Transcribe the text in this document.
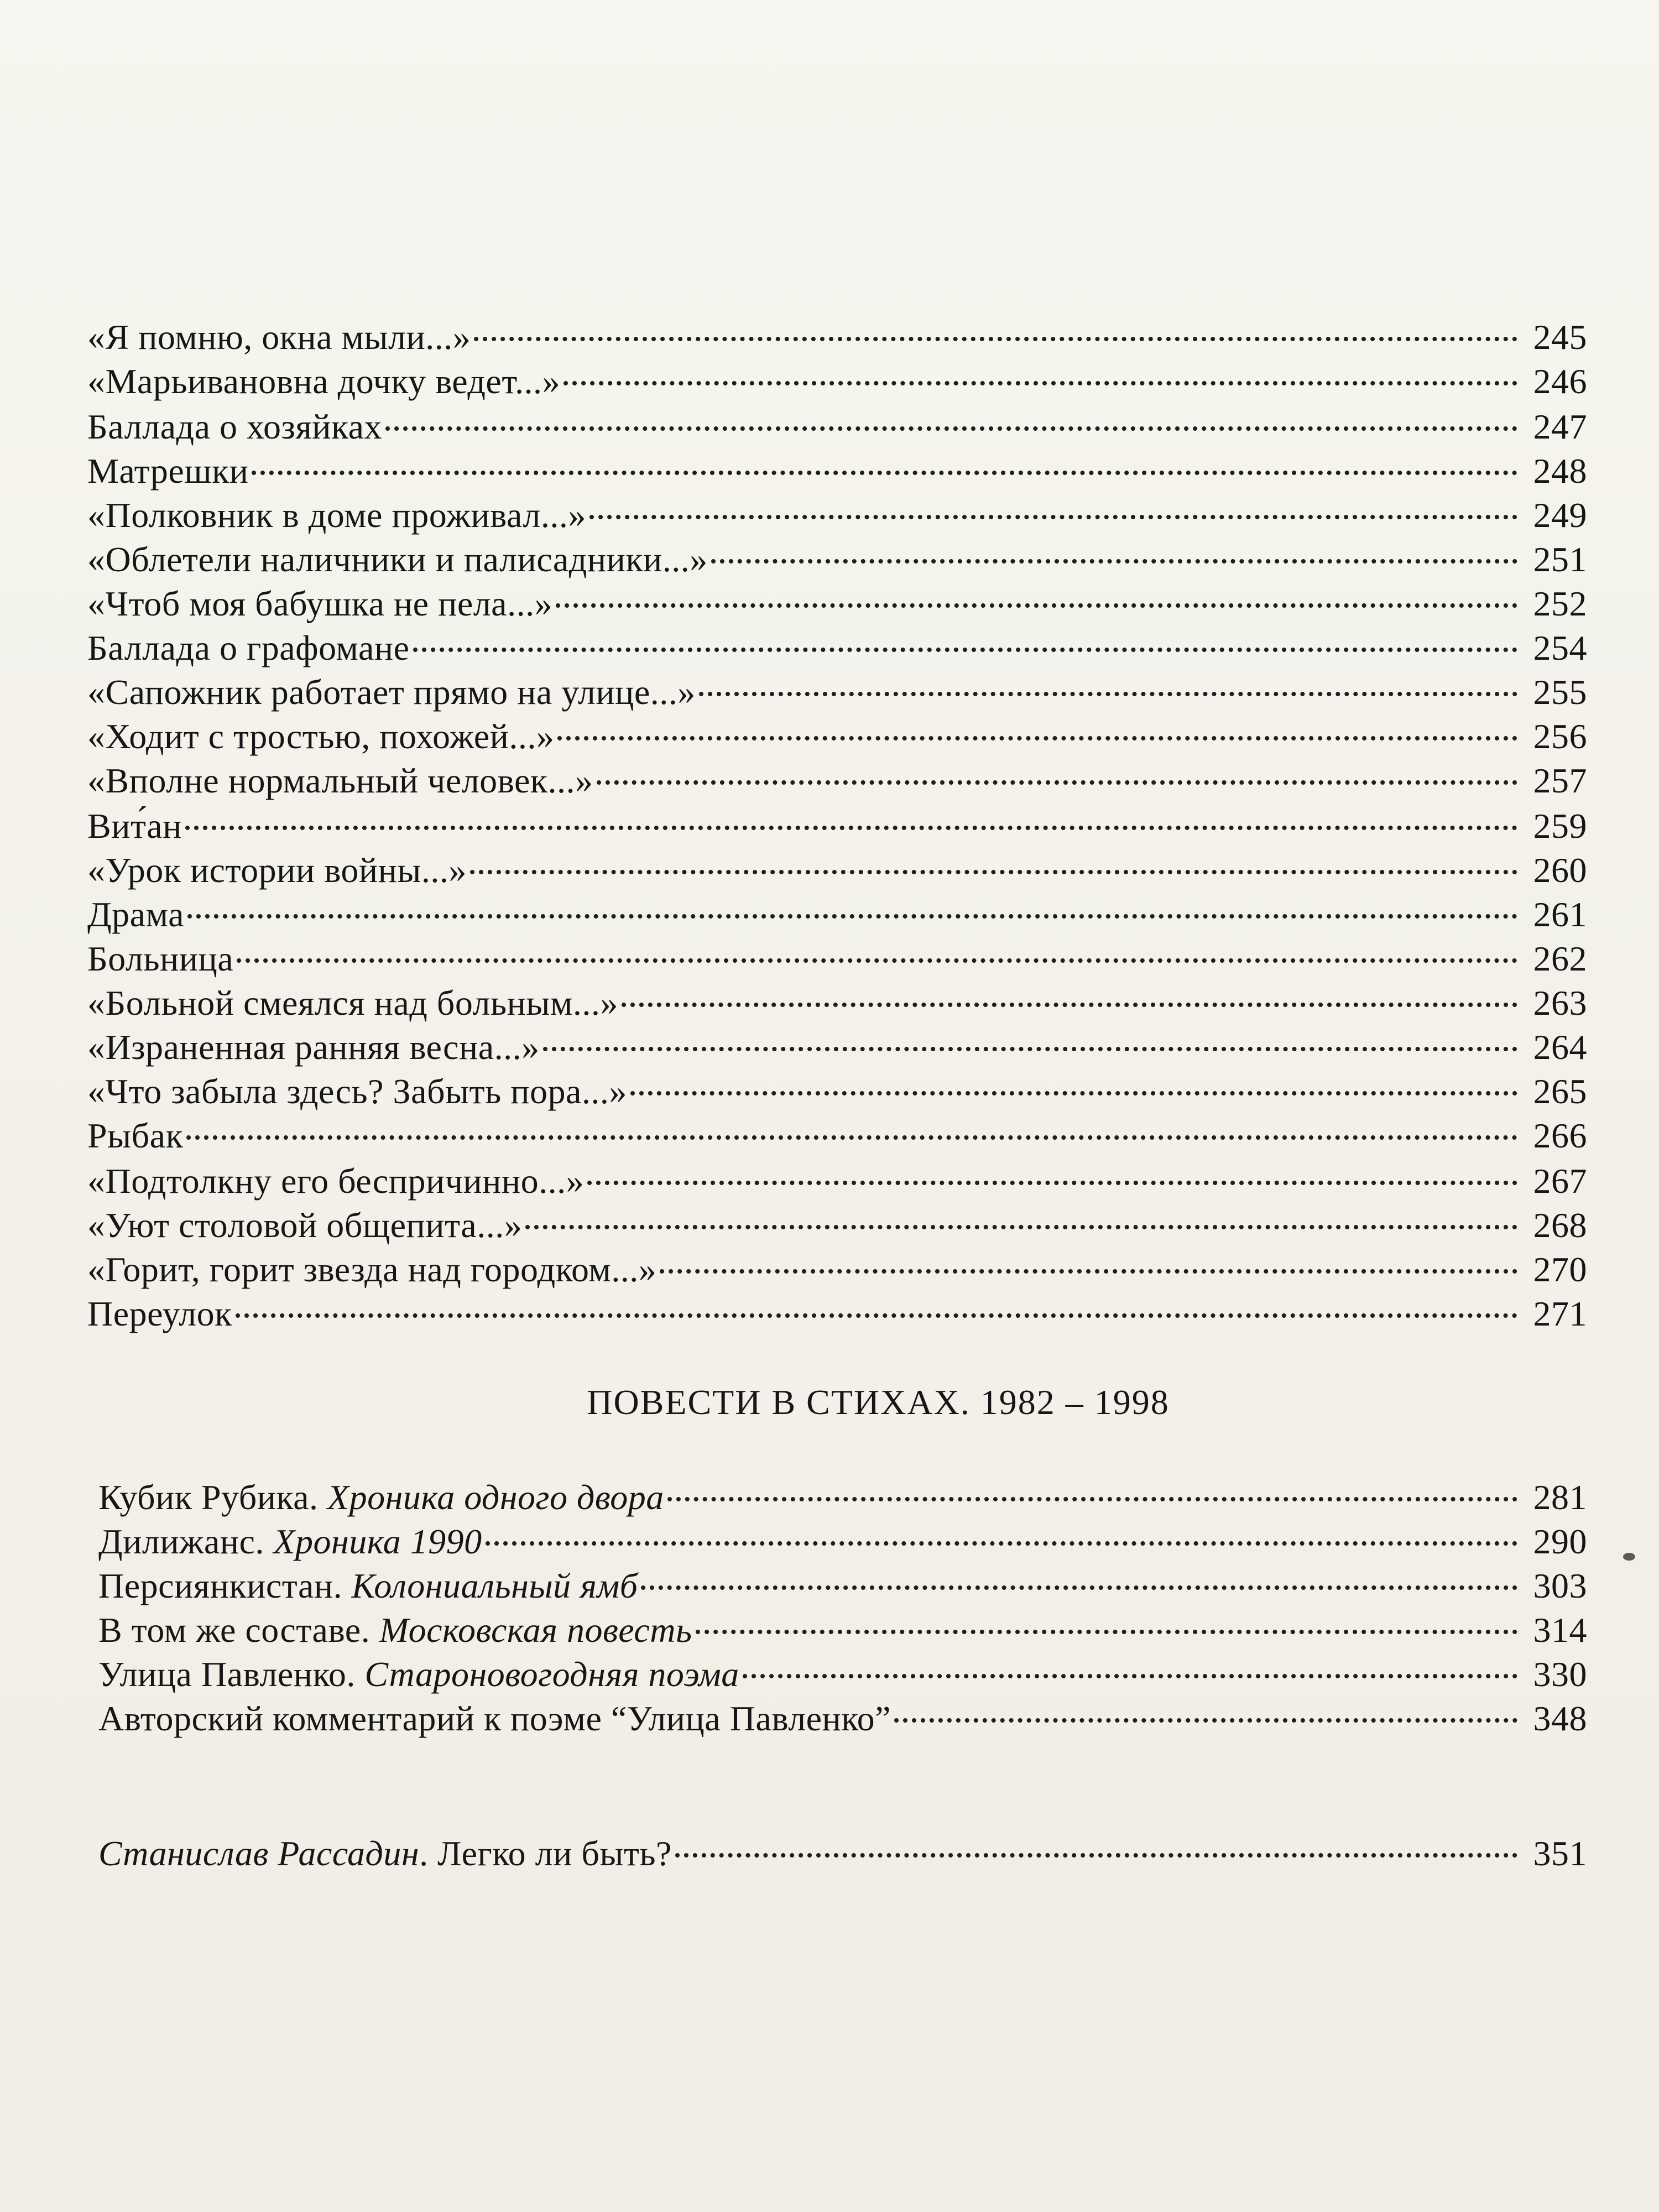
«Я помню, окна мыли...»	245
«Марьивановна дочку ведет...»	246
Баллада о хозяйках	247
Матрешки	248
«Полковник в доме проживал...»	249
«Облетели наличники и палисадники...»	251
«Чтоб моя бабушка не пела...»	252
Баллада о графомане	254
«Сапожник работает прямо на улице...»	255
«Ходит с тростью, похожей...»	256
«Вполне нормальный человек...»	257
Вит́ан	259
«Урок истории войны...»	260
Драма	261
Больница	262
«Больной смеялся над больным...»	263
«Израненная ранняя весна...»	264
«Что забыла здесь? Забыть пора...»	265
Рыбак	266
«Подтолкну его беспричинно...»	267
«Уют столовой общепита...»	268
«Горит, горит звезда над городком...»	270
Переулок	271
ПОВЕСТИ В СТИХАХ. 1982 – 1998
Кубик Рубика. Хроника одного двора	281
Дилижанс. Хроника 1990	290
Персиянкистан. Колониальный ямб	303
В том же составе. Московская повесть	314
Улица Павленко. Староновогодняя поэма	330
Авторский комментарий к поэме “Улица Павленко”	348
Станислав Рассадин. Легко ли быть?	351
